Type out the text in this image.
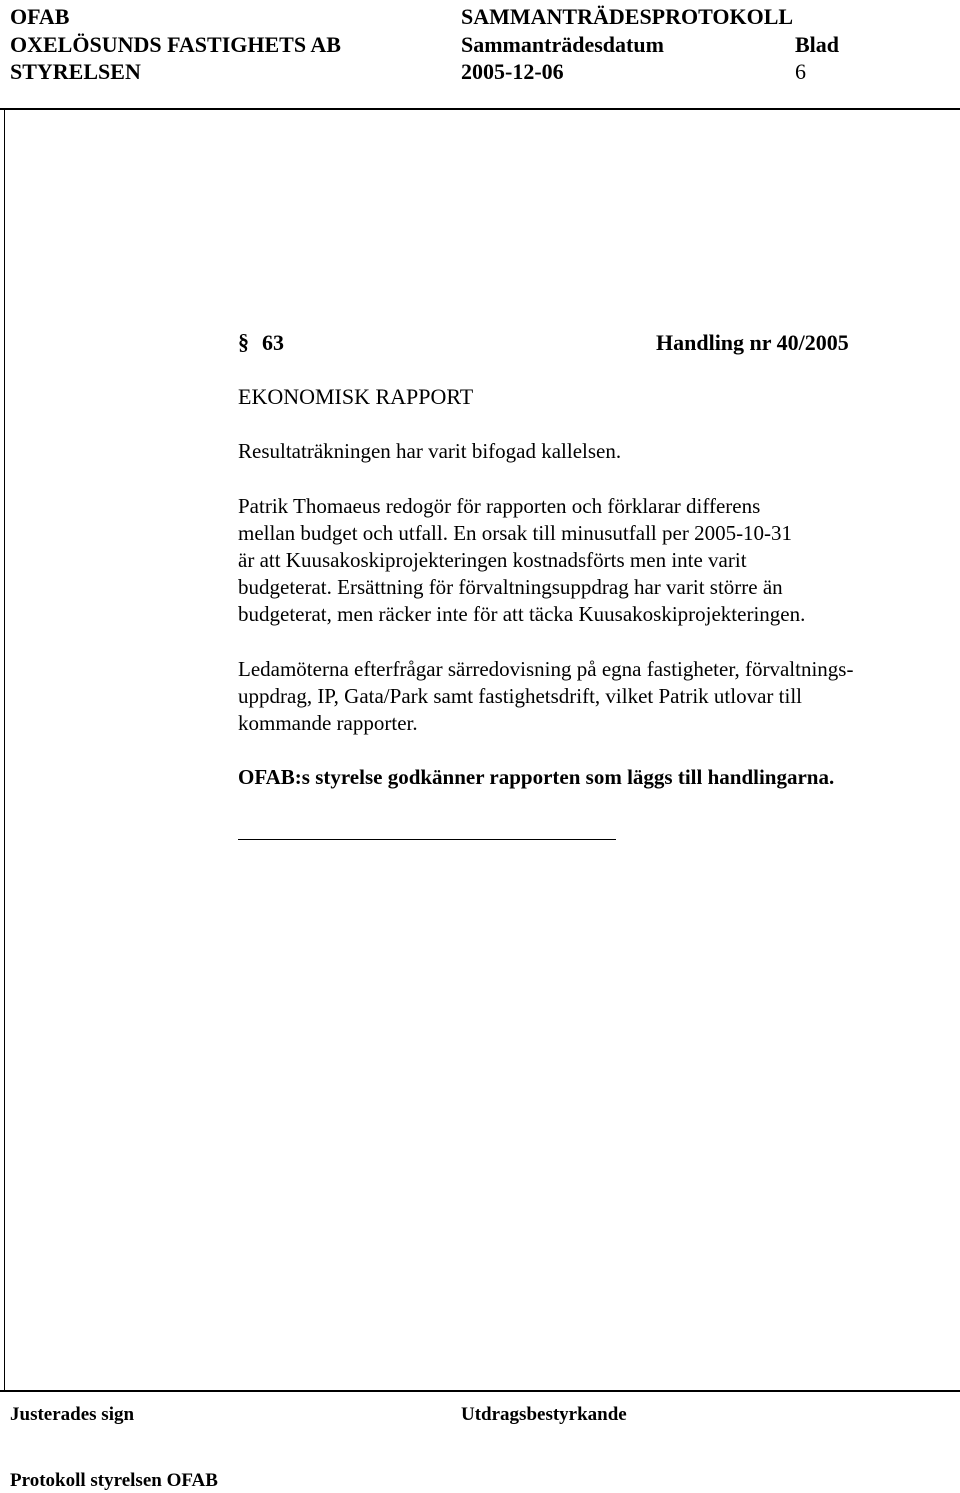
OFAB
OXELÖSUNDS FASTIGHETS AB
STYRELSEN
SAMMANTRÄDESPROTOKOLL
Sammanträdesdatum
2005-12-06
Blad
6
§ 63	Handling nr 40/2005
EKONOMISK RAPPORT
Resultaträkningen har varit bifogad kallelsen.
Patrik Thomaeus redogör för rapporten och förklarar differens
mellan budget och utfall. En orsak till minusutfall per 2005-10-31
är att Kuusakoskiprojekteringen kostnadsförts men inte varit
budgeterat. Ersättning för förvaltningsuppdrag har varit större än
budgeterat, men räcker inte för att täcka Kuusakoskiprojekteringen.
Ledamöterna efterfrågar särredovisning på egna fastigheter, förvaltnings-
uppdrag, IP, Gata/Park samt fastighetsdrift, vilket Patrik utlovar till
kommande rapporter.
OFAB:s styrelse godkänner rapporten som läggs till handlingarna.
Justerades sign	Utdragsbestyrkande
Protokoll styrelsen OFAB
